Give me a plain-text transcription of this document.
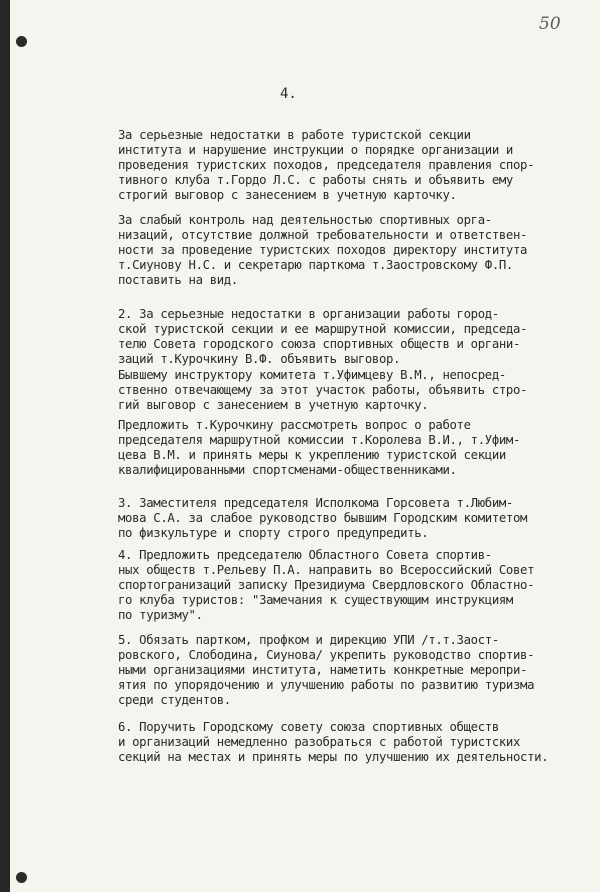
50
4.
За серьезные недостатки в работе туристской секции
института и нарушение инструкции о порядке организации и
проведения туристских походов, председателя правления спор-
тивного клуба т.Гордо Л.С. с работы снять и объявить ему
строгий выговор с занесением в учетную карточку.
За слабый контроль над деятельностью спортивных орга-
низаций, отсутствие должной требовательности и ответствен-
ности за проведение туристских походов директору института
т.Сиунову Н.С. и секретарю парткома т.Заостровскому Ф.П.
поставить на вид.
2. За серьезные недостатки в организации работы город-
ской туристской секции и ее маршрутной комиссии, предсeда-
телю Совета городского союза спортивных обществ и органи-
заций т.Курочкину В.Ф. объявить выговор.
Бывшему инструктору комитета т.Уфимцеву В.М., непосред-
ственно отвечающему за этот участок работы, объявить стро-
гий выговор с занесением в учетную карточку.
Предложить т.Курочкину рассмотреть вопрос о работе
председателя маршрутной комиссии т.Королева В.И., т.Уфим-
цева В.М. и принять меры к укреплению туристской секции
квалифицированными спортсменами-общественниками.
3. Заместителя председателя Исполкома Горсовета т.Любим-
мова С.А. за слабое руководство бывшим Городским комитетом
по физкультуре и спорту строго предупредить.
4. Предложить председателю Областного Совета спортив-
ных обществ т.Рельеву П.А. направить во Всероссийский Совет
спортогранизаций записку Президиума Свердловского Областно-
го клуба туристов: "Замечания к существующим инструкциям
по туризму".
5. Обязать партком, профком и дирекцию УПИ /т.т.Заост-
ровского, Слободина, Сиунова/ укрепить руководство спортив-
ными организациями института, наметить конкретные меропри-
ятия по упорядочению и улучшению работы по развитию туризма
среди студентов.
6. Поручить Городскому совету союза спортивных обществ
и организаций немедленно разобраться с работой туристских
секций на местах и принять меры по улучшению их деятельности.
